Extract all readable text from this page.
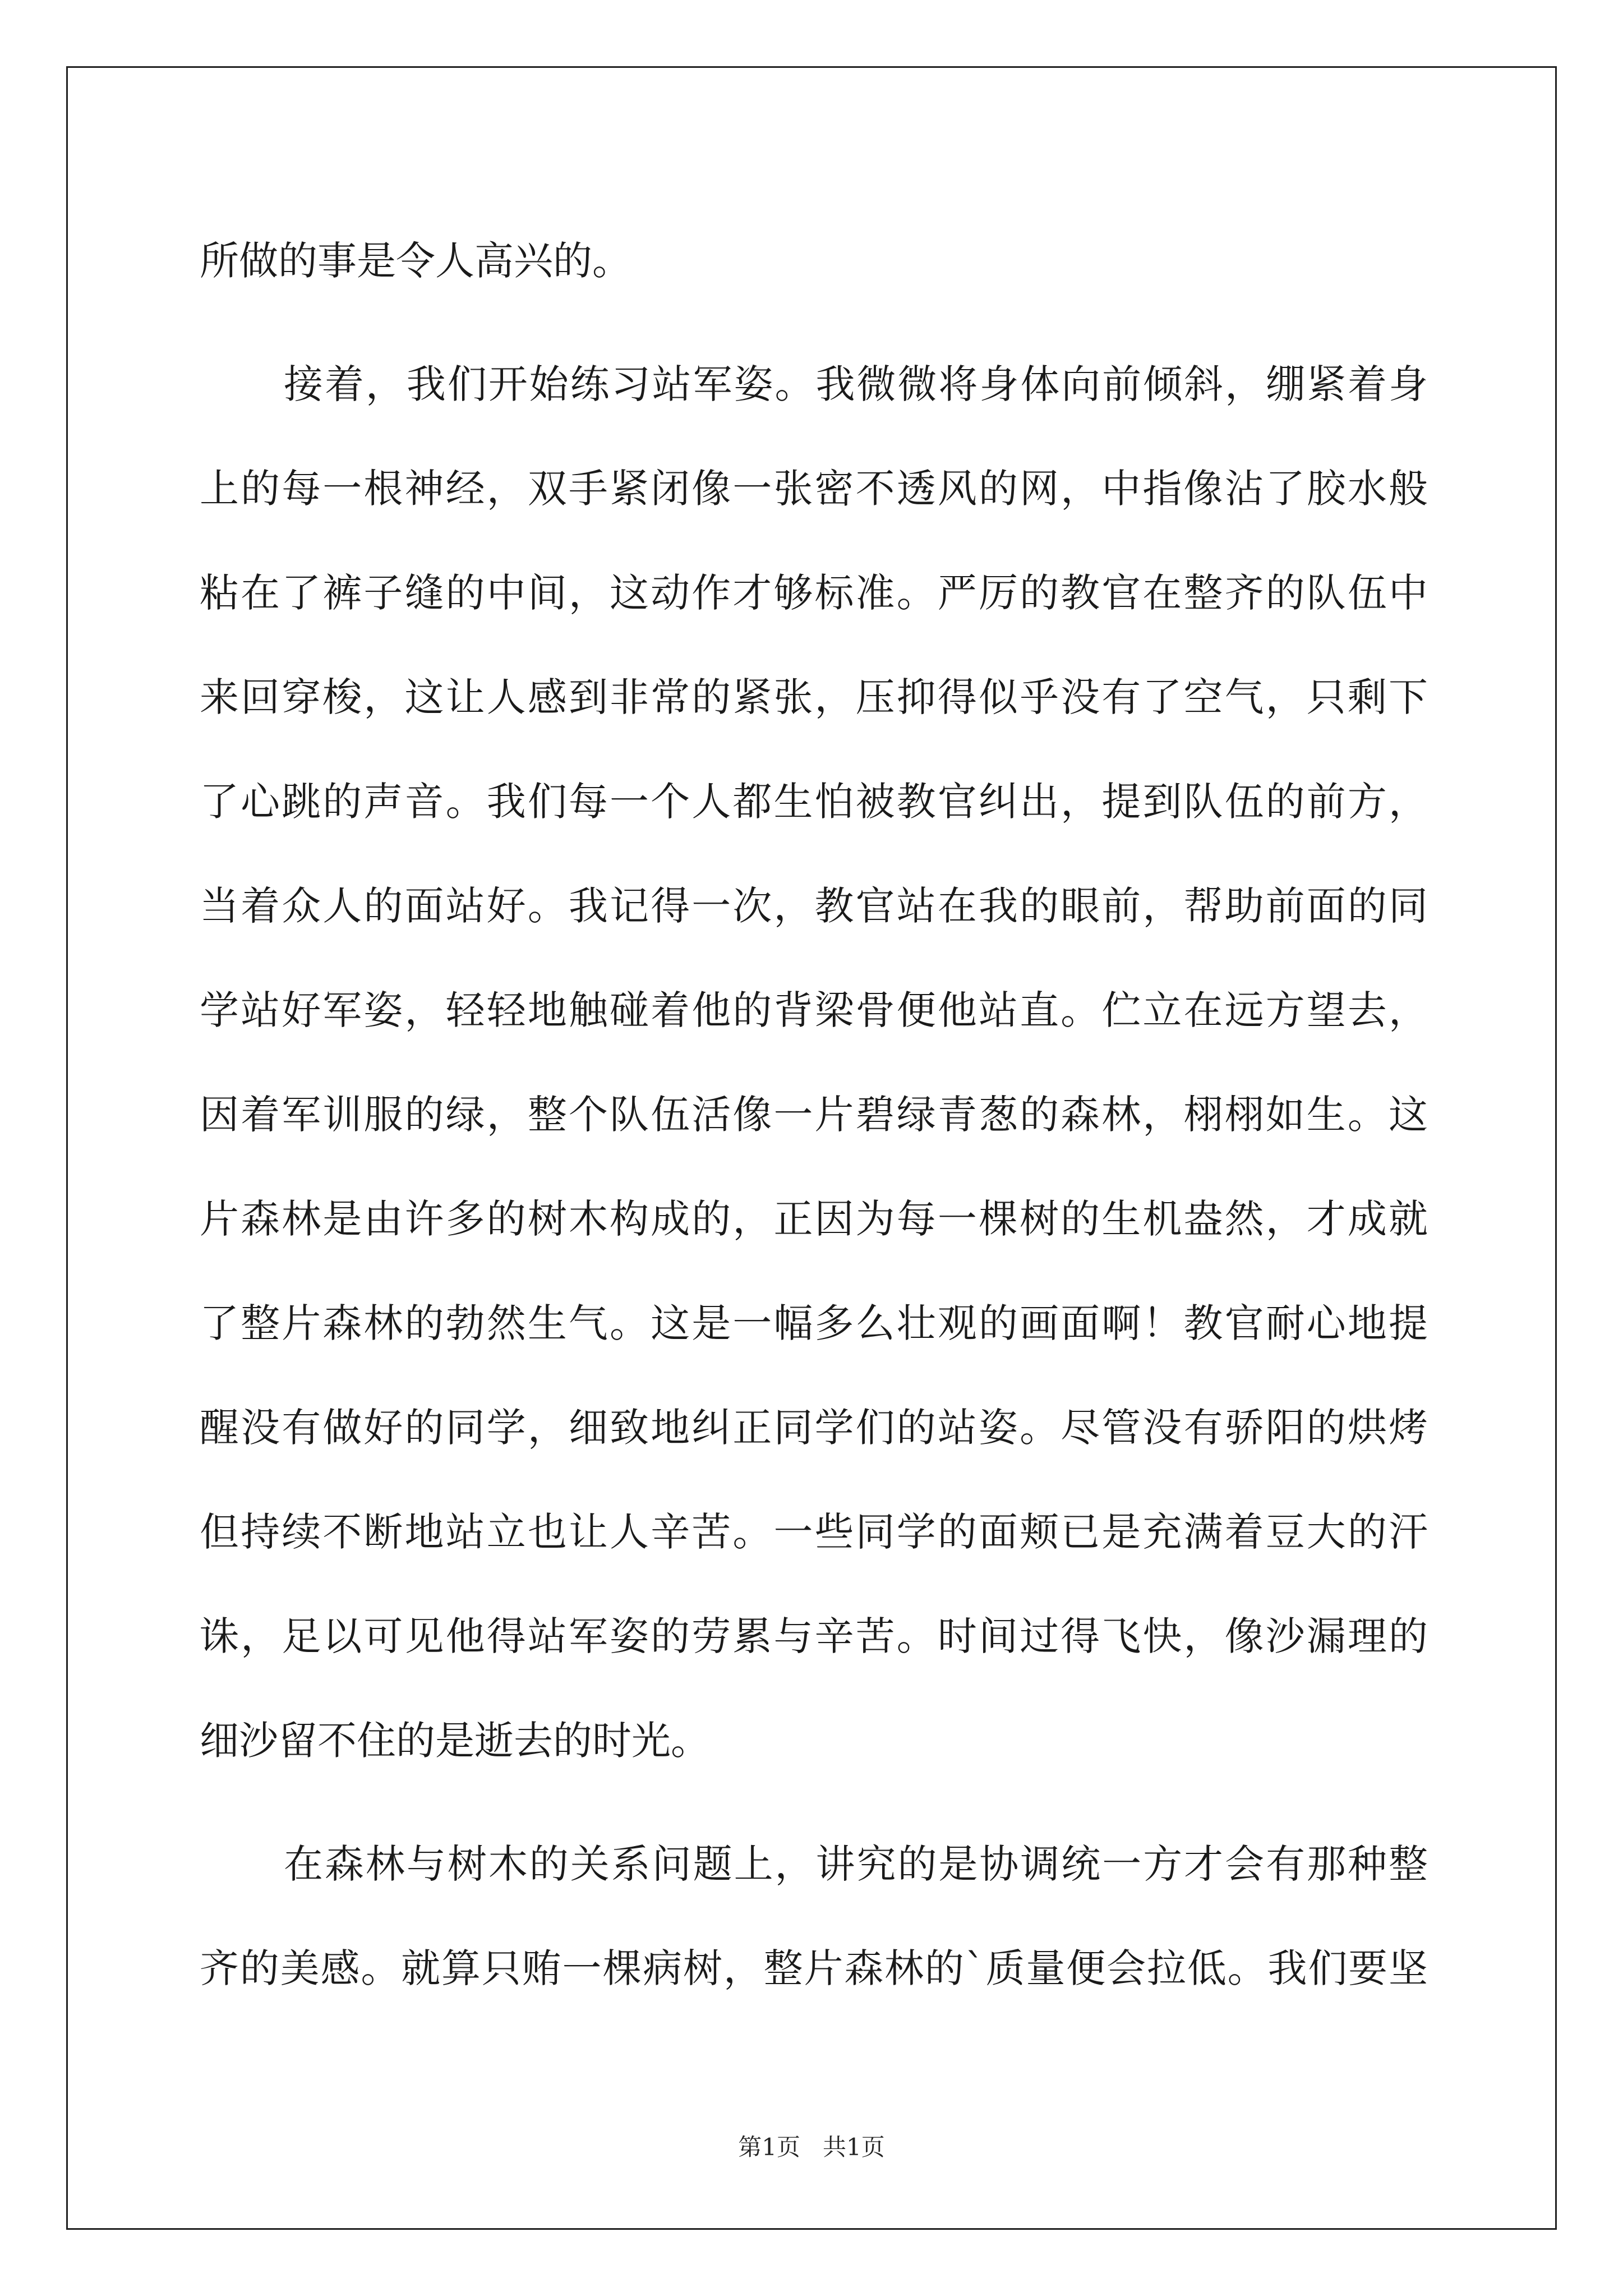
所做的事是令人高兴的。
接着，我们开始练习站军姿。我微微将身体向前倾斜，绷紧着身
上的每一根神经，双手紧闭像一张密不透风的网，中指像沾了胶水般
粘在了裤子缝的中间，这动作才够标准。严厉的教官在整齐的队伍中
来回穿梭，这让人感到非常的紧张，压抑得似乎没有了空气，只剩下
了心跳的声音。我们每一个人都生怕被教官纠出，提到队伍的前方，
当着众人的面站好。我记得一次，教官站在我的眼前，帮助前面的同
学站好军姿，轻轻地触碰着他的背梁骨便他站直。伫立在远方望去，
因着军训服的绿，整个队伍活像一片碧绿青葱的森林，栩栩如生。这
片森林是由许多的树木构成的，正因为每一棵树的生机盎然，才成就
了整片森林的勃然生气。这是一幅多么壮观的画面啊！教官耐心地提
醒没有做好的同学，细致地纠正同学们的站姿。尽管没有骄阳的烘烤
但持续不断地站立也让人辛苦。一些同学的面颊已是充满着豆大的汗
诛，足以可见他得站军姿的劳累与辛苦。时间过得飞快，像沙漏理的
细沙留不住的是逝去的时光。
在森林与树木的关系问题上，讲究的是协调统一方才会有那种整
齐的美感。就算只贿一棵病树，整片森林的`质量便会拉低。我们要坚
第1页 共1页
